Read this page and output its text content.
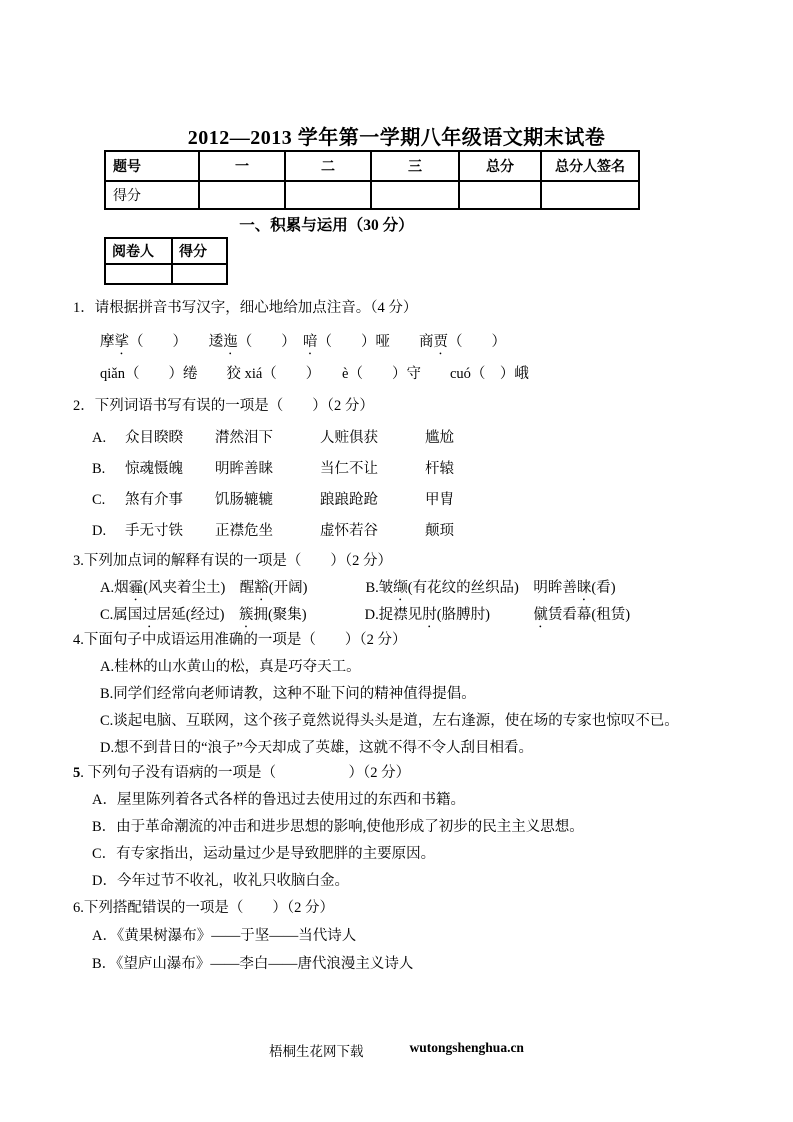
2012—2013 学年第一学期八年级语文期末试卷
题号	一	二	三	总分	总分人签名
得分					
一、积累与运用（30 分）
阅卷人	得分

1．请根据拼音书写汉字，细心地给加点注音。（4 分）
摩挲（　　）　　逶迤（　　）　喑（　　）哑　　商贾（　　）
qiǎn（　　）绻　　狡 xiá（　　）　　è（　　）守　　cuó（　）峨
2．下列词语书写有误的一项是（　　）（2 分）
A.	众目睽睽	潸然泪下	人赃俱获	尴尬
B.	惊魂慑魄	明眸善睐	当仁不让	杆辕
C.	煞有介事	饥肠辘辘	踉踉跄跄	甲胄
D.	手无寸铁	正襟危坐	虚怀若谷	颠顼
3.下列加点词的解释有误的一项是（　　）（2 分）
A.烟霾(风夹着尘土)　醒豁(开阔)　　　　B.皱缬(有花纹的丝织品)　明眸善睐(看)
C.属国过居延(经过)　簇拥(聚集)　　　　D.捉襟见肘(胳膊肘)　　　僦赁看幕(租赁)
4.下面句子中成语运用准确的一项是（　　）（2 分）
A.桂林的山水黄山的松，真是巧夺天工。
B.同学们经常向老师请教，这种不耻下问的精神值得提倡。
C.谈起电脑、互联网，这个孩子竟然说得头头是道，左右逢源，使在场的专家也惊叹不已。
D.想不到昔日的“浪子”今天却成了英雄，这就不得不令人刮目相看。
5. 下列句子没有语病的一项是（　　　　　）（2 分）
A．屋里陈列着各式各样的鲁迅过去使用过的东西和书籍。
B．由于革命潮流的冲击和进步思想的影响,使他形成了初步的民主主义思想。
C．有专家指出，运动量过少是导致肥胖的主要原因。
D．今年过节不收礼，收礼只收脑白金。
6.下列搭配错误的一项是（　　）（2 分）
A．《黄果树瀑布》——于坚——当代诗人
B．《望庐山瀑布》——李白——唐代浪漫主义诗人
梧桐生花网下载	wutongshenghua.cn
